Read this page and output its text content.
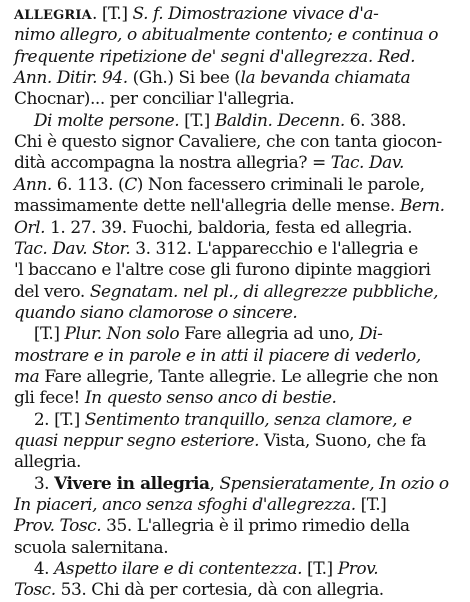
ALLEGRIA. [T.] S. f. Dimostrazione vivace d'a-
nimo allegro, o abitualmente contento; e continua o
frequente ripetizione de' segni d'allegrezza. Red.
Ann. Ditir. 94. (Gh.) Si bee (la bevanda chiamata
Chocnar)... per conciliar l'allegria.
Di molte persone. [T.] Baldin. Decenn. 6. 388.
Chi è questo signor Cavaliere, che con tanta giocon-
dità accompagna la nostra allegria? = Tac. Dav.
Ann. 6. 113. (C) Non facessero criminali le parole,
massimamente dette nell'allegria delle mense. Bern.
Orl. 1. 27. 39. Fuochi, baldoria, festa ed allegria.
Tac. Dav. Stor. 3. 312. L'apparecchio e l'allegria e
'l baccano e l'altre cose gli furono dipinte maggiori
del vero. Segnatam. nel pl., di allegrezze pubbliche,
quando siano clamorose o sincere.
[T.] Plur. Non solo Fare allegria ad uno, Di-
mostrare e in parole e in atti il piacere di vederlo,
ma Fare allegrie, Tante allegrie. Le allegrie che non
gli fece! In questo senso anco di bestie.
2. [T.] Sentimento tranquillo, senza clamore, e
quasi neppur segno esteriore. Vista, Suono, che fa
allegria.
3. Vivere in allegria, Spensieratamente, In ozio o
In piaceri, anco senza sfoghi d'allegrezza. [T.]
Prov. Tosc. 35. L'allegria è il primo rimedio della
scuola salernitana.
4. Aspetto ilare e di contentezza. [T.] Prov.
Tosc. 53. Chi dà per cortesia, dà con allegria.
